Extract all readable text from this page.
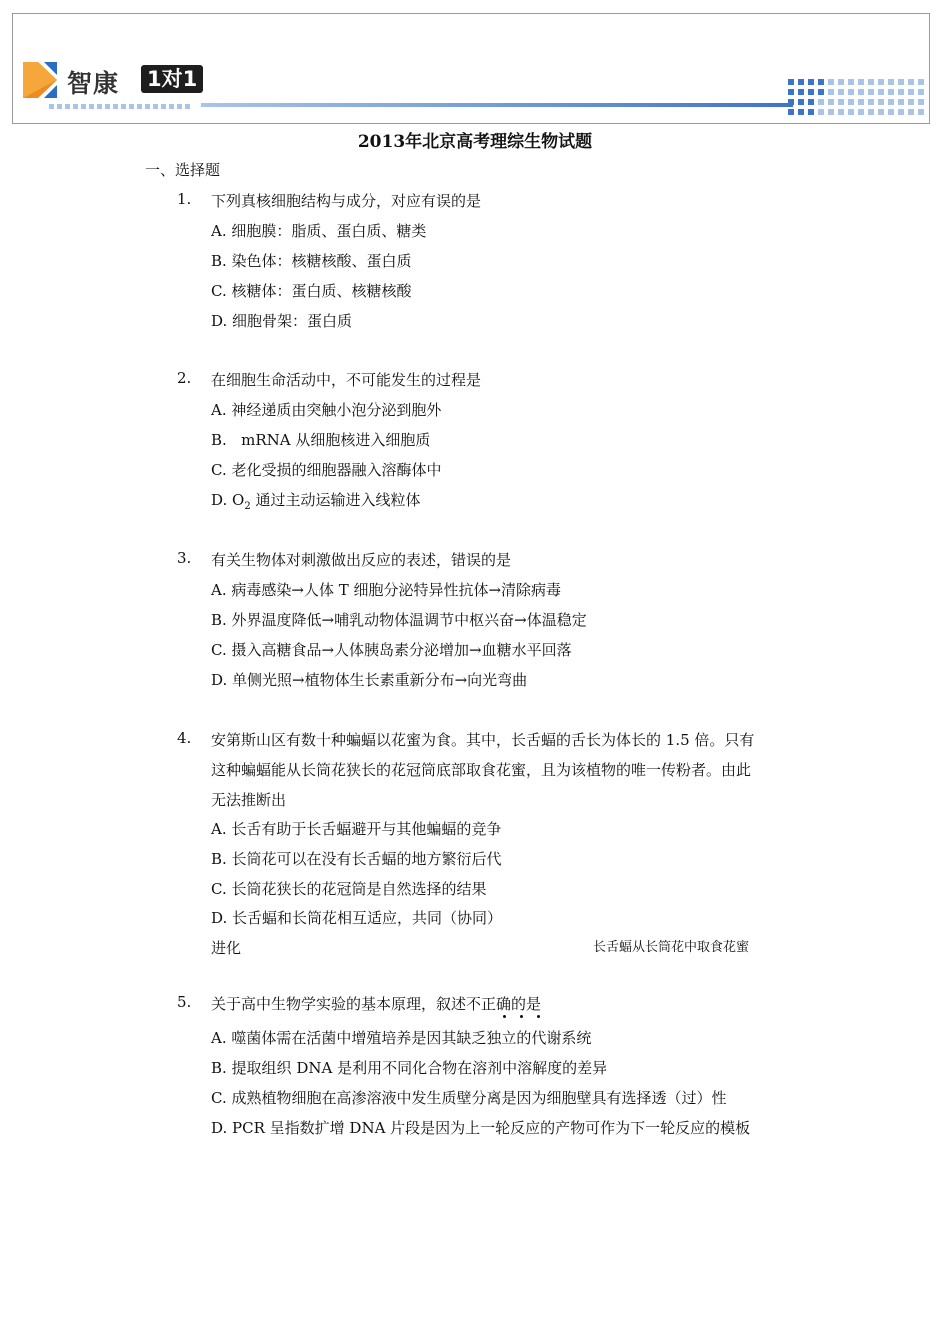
智康 1对1
2013年北京高考理综生物试题
一、选择题
1. 下列真核细胞结构与成分，对应有误的是
A. 细胞膜：脂质、蛋白质、糖类
B. 染色体：核糖核酸、蛋白质
C. 核糖体：蛋白质、核糖核酸
D. 细胞骨架：蛋白质
2. 在细胞生命活动中，不可能发生的过程是
A. 神经递质由突触小泡分泌到胞外
B.   mRNA 从细胞核进入细胞质
C. 老化受损的细胞器融入溶酶体中
D. $O_2$ 通过主动运输进入线粒体
3. 有关生物体对刺激做出反应的表述，错误的是
A. 病毒感染→人体 T 细胞分泌特异性抗体→清除病毒
B. 外界温度降低→哺乳动物体温调节中枢兴奋→体温稳定
C. 摄入高糖食品→人体胰岛素分泌增加→血糖水平回落
D. 单侧光照→植物体生长素重新分布→向光弯曲
4. 安第斯山区有数十种蝙蝠以花蜜为食。其中，长舌蝠的舌长为体长的 1.5 倍。只有
这种蝙蝠能从长筒花狭长的花冠筒底部取食花蜜，且为该植物的唯一传粉者。由此
无法推断出
A. 长舌有助于长舌蝠避开与其他蝙蝠的竞争
B. 长筒花可以在没有长舌蝠的地方繁衍后代
C. 长筒花狭长的花冠筒是自然选择的结果
D. 长舌蝠和长筒花相互适应，共同（协同）
进化	长舌蝠从长筒花中取食花蜜
5. 关于高中生物学实验的基本原理，叙述不正确的是
A. 噬菌体需在活菌中增殖培养是因其缺乏独立的代谢系统
B. 提取组织 DNA 是利用不同化合物在溶剂中溶解度的差异
C. 成熟植物细胞在高渗溶液中发生质壁分离是因为细胞壁具有选择透（过）性
D. PCR 呈指数扩增 DNA 片段是因为上一轮反应的产物可作为下一轮反应的模板
